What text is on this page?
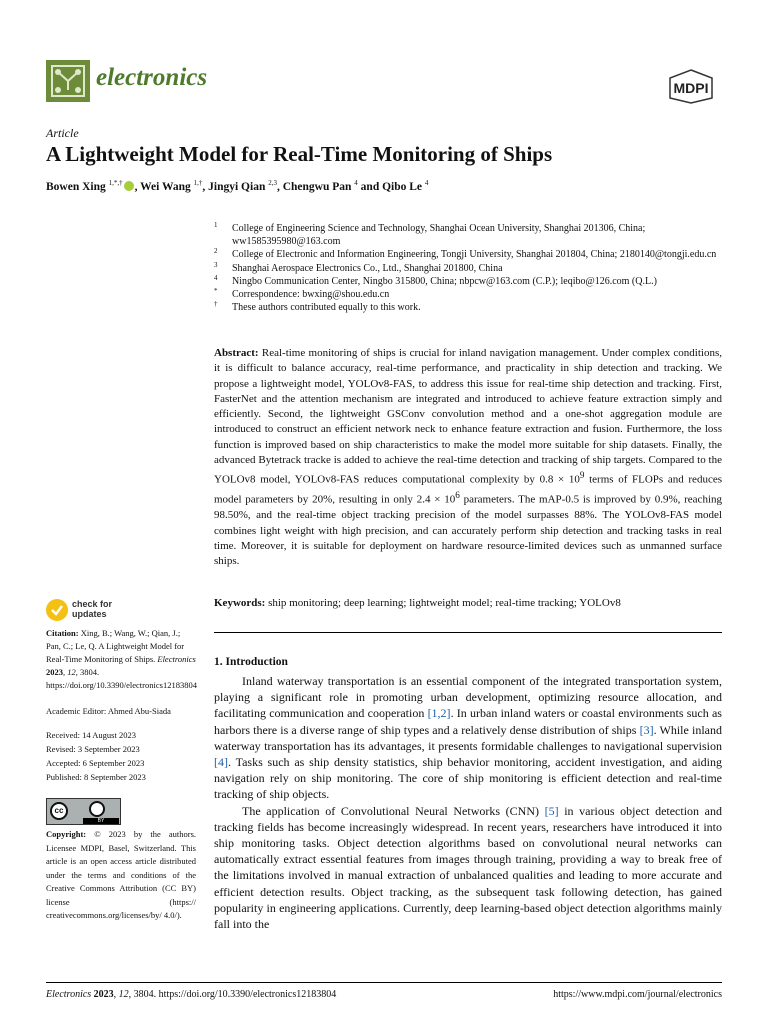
electronics	MDPI
Article
A Lightweight Model for Real-Time Monitoring of Ships
Bowen Xing $^{1,*,\dagger}$ , Wei Wang $^{1,\dagger}$, Jingyi Qian $^{2,3}$, Chengwu Pan $^4$ and Qibo Le $^4$
1 College of Engineering Science and Technology, Shanghai Ocean University, Shanghai 201306, China; ww1585395980@163.com
2 College of Electronic and Information Engineering, Tongji University, Shanghai 201804, China; 2180140@tongji.edu.cn
3 Shanghai Aerospace Electronics Co., Ltd., Shanghai 201800, China
4 Ningbo Communication Center, Ningbo 315800, China; nbpcw@163.com (C.P.); leqibo@126.com (Q.L.)
* Correspondence: bwxing@shou.edu.cn
† These authors contributed equally to this work.
Abstract: Real-time monitoring of ships is crucial for inland navigation management. Under complex conditions, it is difficult to balance accuracy, real-time performance, and practicality in ship detection and tracking. We propose a lightweight model, YOLOv8-FAS, to address this issue for real-time ship detection and tracking. First, FasterNet and the attention mechanism are integrated and introduced to achieve feature extraction simply and efficiently. Second, the lightweight GSConv convolution method and a one-shot aggregation module are introduced to construct an efficient network neck to enhance feature extraction and fusion. Furthermore, the loss function is improved based on ship characteristics to make the model more suitable for ship datasets. Finally, the advanced Bytetrack tracke is added to achieve the real-time detection and tracking of ship targets. Compared to the YOLOv8 model, YOLOv8-FAS reduces computational complexity by $0.8 \times 10^9$ terms of FLOPs and reduces model parameters by 20%, resulting in only $2.4 \times 10^6$ parameters. The mAP-0.5 is improved by 0.9%, reaching 98.50%, and the real-time object tracking precision of the model surpasses 88%. The YOLOv8-FAS model combines light weight with high precision, and can accurately perform ship detection and tracking tasks in real time. Moreover, it is suitable for deployment on hardware resource-limited devices such as unmanned surface ships.
Keywords: ship monitoring; deep learning; lightweight model; real-time tracking; YOLOv8
check for
updates
Citation: Xing, B.; Wang, W.; Qian, J.; Pan, C.; Le, Q. A Lightweight Model for Real-Time Monitoring of Ships. Electronics 2023, 12, 3804. https://doi.org/10.3390/electronics12183804
Academic Editor: Ahmed Abu-Siada
Received: 14 August 2023
Revised: 3 September 2023
Accepted: 6 September 2023
Published: 8 September 2023
cc
BY
Copyright: © 2023 by the authors. Licensee MDPI, Basel, Switzerland. This article is an open access article distributed under the terms and conditions of the Creative Commons Attribution (CC BY) license (https:// creativecommons.org/licenses/by/ 4.0/).
1. Introduction

Inland waterway transportation is an essential component of the integrated transportation system, playing a significant role in promoting urban development, optimizing resource allocation, and facilitating communication and cooperation [1,2]. In urban inland waters or coastal environments such as harbors there is a diverse range of ship types and a relatively dense distribution of ships [3]. While inland waterway transportation has its advantages, it presents formidable challenges to navigational supervision [4]. Tasks such as ship density statistics, ship behavior monitoring, accident investigation, and aiding navigation rely on ship monitoring. The core of ship monitoring is efficient detection and real-time tracking of ship objects.

The application of Convolutional Neural Networks (CNN) [5] in various object detection and tracking fields has become increasingly widespread. In recent years, researchers have introduced it into ship monitoring tasks. Object detection algorithms based on convolutional neural networks can automatically extract essential features from images through training, providing a way to break free of the limitations involved in manual extraction of unbalanced qualities and leading to more accurate and efficient detection results. Object tracking, as the subsequent task following detection, has gained popularity in engineering applications. Currently, deep learning-based object detection algorithms mainly fall into the

Electronics 2023, 12, 3804. https://doi.org/10.3390/electronics12183804	https://www.mdpi.com/journal/electronics
